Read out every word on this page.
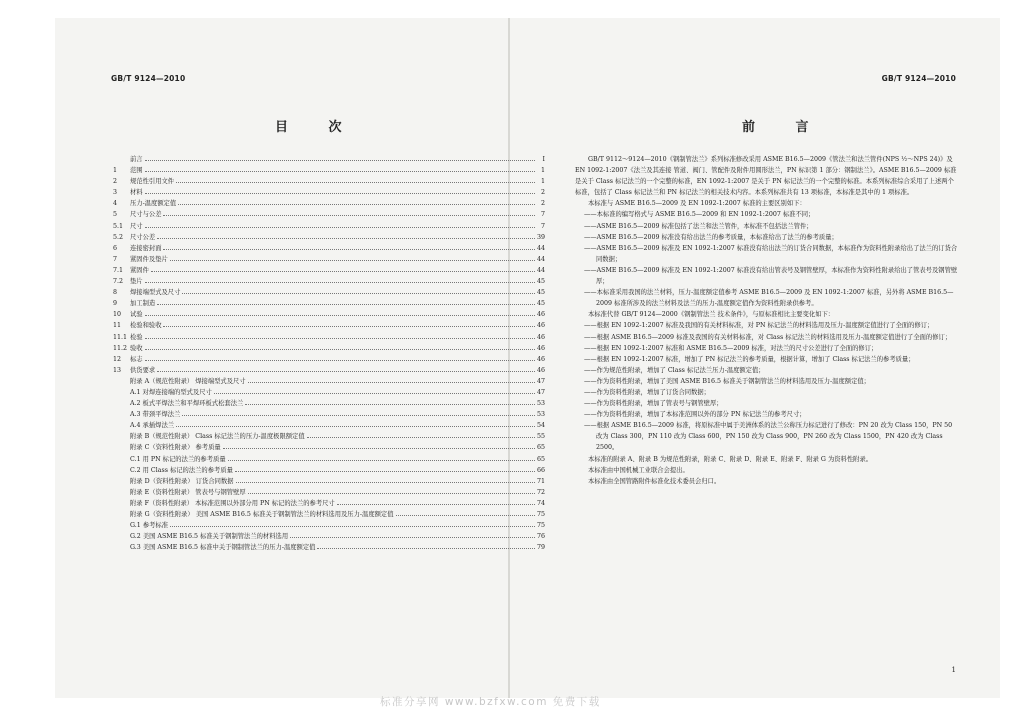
GB/T 9124—2010
目 次
前言	Ⅰ
1	范围	1
2	规范性引用文件	1
3	材料	2
4	压力-温度额定值	2
5	尺寸与公差	7
5.1	尺寸	7
5.2	尺寸公差	39
6	连接密封面	44
7	紧固件及垫片	44
7.1	紧固件	44
7.2	垫片	45
8	焊接端型式及尺寸	45
9	加工制造	45
10	试验	46
11	检验和验收	46
11.1 检验	46
11.2 验收	46
12	标志	46
13	供货要求	46
附录 A（规范性附录） 焊接端型式及尺寸	47
A.1 对焊连接端的型式及尺寸	47
A.2 板式平焊法兰和平焊环板式松套法兰	53
A.3 带颈平焊法兰	53
A.4 承插焊法兰	54
附录 B（规范性附录） Class 标记法兰的压力-温度极限额定值	55
附录 C（资料性附录） 参考质量	65
C.1 用 PN 标记的法兰的参考质量	65
C.2 用 Class 标记的法兰的参考质量	66
附录 D（资料性附录） 订货合同数据	71
附录 E（资料性附录） 管表号与钢管壁厚	72
附录 F（资料性附录） 本标准范围以外部分用 PN 标记的法兰的参考尺寸	74
附录 G（资料性附录） 美国 ASME B16.5 标准关于钢制管法兰的材料选用及压力-温度额定值	75
G.1 参考标准	75
G.2 美国 ASME B16.5 标准关于钢制管法兰的材料选用	76
G.3 美国 ASME B16.5 标准中关于钢制管法兰的压力-温度额定值	79
GB/T 9124—2010
前 言

GB/T 9112～9124—2010《钢制管法兰》系列标准修改采用 ASME B16.5—2009《管法兰和法兰管件(NPS ½～NPS 24)》及 EN 1092-1:2007《法兰及其连接 管道、阀门、管配件及附件用圆形法兰，PN 标识第 1 部分：钢制法兰》。ASME B16.5—2009 标准是关于 Class 标记法兰的一个完整的标准，EN 1092-1:2007 是关于 PN 标记法兰的一个完整的标准。本系列标准综合采用了上述两个标准，包括了 Class 标记法兰和 PN 标记法兰的相关技术内容。本系列标准共有 13 项标准，本标准是其中的 1 项标准。

本标准与 ASME B16.5—2009 及 EN 1092-1:2007 标准的主要区别如下：

——本标准的编写格式与 ASME B16.5—2009 和 EN 1092-1:2007 标准不同；

——ASME B16.5—2009 标准包括了法兰和法兰管件，本标准不包括法兰管件；

——ASME B16.5—2009 标准没有给出法兰的参考质量，本标准给出了法兰的参考质量；

——ASME B16.5—2009 标准及 EN 1092-1:2007 标准没有给出法兰的订货合同数据，本标准作为资料性附录给出了法兰的订货合同数据；

——ASME B16.5—2009 标准及 EN 1092-1:2007 标准没有给出管表号及钢管壁厚，本标准作为资料性附录给出了管表号及钢管壁厚；

——本标准采用我国的法兰材料，压力-温度额定值参考 ASME B16.5—2009 及 EN 1092-1:2007 标准，另外将 ASME B16.5—2009 标准所涉及的法兰材料及法兰的压力-温度额定值作为资料性附录供参考。

本标准代替 GB/T 9124—2000《钢制管法兰 技术条件》，与原标准相比主要变化如下：

——根据 EN 1092-1:2007 标准及我国的有关材料标准，对 PN 标记法兰的材料选用及压力-温度额定值进行了全面的修订；

——根据 ASME B16.5—2009 标准及我国的有关材料标准，对 Class 标记法兰的材料选用及压力-温度额定值进行了全面的修订；

——根据 EN 1092-1:2007 标准和 ASME B16.5—2009 标准，对法兰的尺寸公差进行了全面的修订；

——根据 EN 1092-1:2007 标准，增加了 PN 标记法兰的参考质量，根据计算，增加了 Class 标记法兰的参考质量；

——作为规范性附录，增加了 Class 标记法兰压力-温度额定值；

——作为资料性附录，增加了美国 ASME B16.5 标准关于钢制管法兰的材料选用及压力-温度额定值；

——作为资料性附录，增加了订货合同数据；

——作为资料性附录，增加了管表号与钢管壁厚；

——作为资料性附录，增加了本标准范围以外的部分 PN 标记法兰的参考尺寸；

——根据 ASME B16.5—2009 标准，将原标准中属于美洲体系的法兰公称压力标记进行了修改：PN 20 改为 Class 150，PN 50 改为 Class 300，PN 110 改为 Class 600，PN 150 改为 Class 900，PN 260 改为 Class 1500，PN 420 改为 Class 2500。

本标准的附录 A、附录 B 为规范性附录，附录 C、附录 D、附录 E、附录 F、附录 G 为资料性附录。

本标准由中国机械工业联合会提出。

本标准由全国管路附件标准化技术委员会归口。

1
标准分享网 www.bzfxw.com 免费下载
